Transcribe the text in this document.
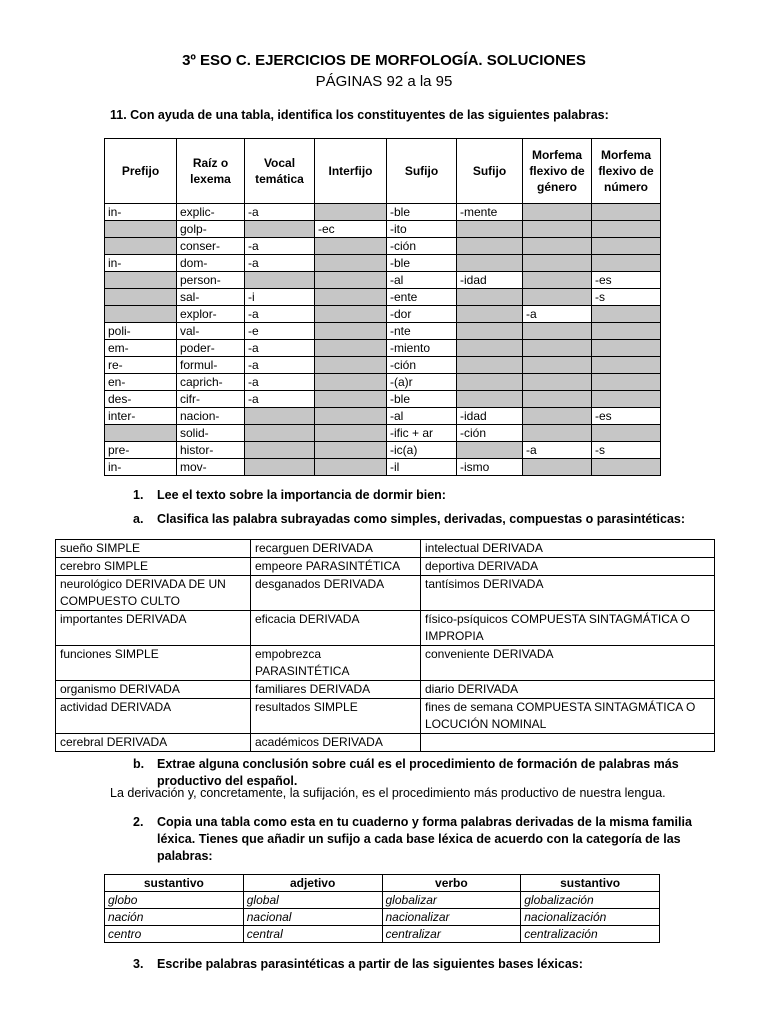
3º ESO C. EJERCICIOS DE MORFOLOGÍA. SOLUCIONES
PÁGINAS 92 a la 95
11. Con ayuda de una tabla, identifica los constituyentes de las siguientes palabras:
Prefijo	Raíz o lexema	Vocal temática	Interfijo	Sufijo	Sufijo	Morfema flexivo de género	Morfema flexivo de número
in-	explic-	-a		-ble	-mente		
	golp-		-ec	-ito			
	conser-	-a		-ción			
in-	dom-	-a		-ble			
	person-			-al	-idad		-es
	sal-	-i		-ente			-s
	explor-	-a		-dor		-a	
poli-	val-	-e		-nte			
em-	poder-	-a		-miento			
re-	formul-	-a		-ción			
en-	caprich-	-a		-(a)r			
des-	cifr-	-a		-ble			
inter-	nacion-			-al	-idad		-es
	solid-			-ific + ar	-ción		
pre-	histor-			-ic(a)		-a	-s
in-	mov-			-il	-ismo		
1. Lee el texto sobre la importancia de dormir bien:
a. Clasifica las palabra subrayadas como simples, derivadas, compuestas o parasintéticas:
sueño SIMPLE	recarguen DERIVADA	intelectual DERIVADA
cerebro SIMPLE	empeore PARASINTÉTICA	deportiva DERIVADA
neurológico DERIVADA DE UN COMPUESTO CULTO	desganados DERIVADA	tantísimos DERIVADA
importantes DERIVADA	eficacia DERIVADA	físico-psíquicos COMPUESTA SINTAGMÁTICA O IMPROPIA
funciones SIMPLE	empobrezca PARASINTÉTICA	conveniente DERIVADA
organismo DERIVADA	familiares DERIVADA	diario DERIVADA
actividad DERIVADA	resultados SIMPLE	fines de semana COMPUESTA SINTAGMÁTICA O LOCUCIÓN NOMINAL
cerebral DERIVADA	académicos DERIVADA	
b.	Extrae alguna conclusión sobre cuál es el procedimiento de formación de palabras más productivo del español.
La derivación y, concretamente, la sufijación, es el procedimiento más productivo de nuestra lengua.
2.	Copia una tabla como esta en tu cuaderno y forma palabras derivadas de la misma familia léxica. Tienes que añadir un sufijo a cada base léxica de acuerdo con la categoría de las palabras:
sustantivo	adjetivo	verbo	sustantivo
globo	global	globalizar	globalización
nación	nacional	nacionalizar	nacionalización
centro	central	centralizar	centralización
3. Escribe palabras parasintéticas a partir de las siguientes bases léxicas:
